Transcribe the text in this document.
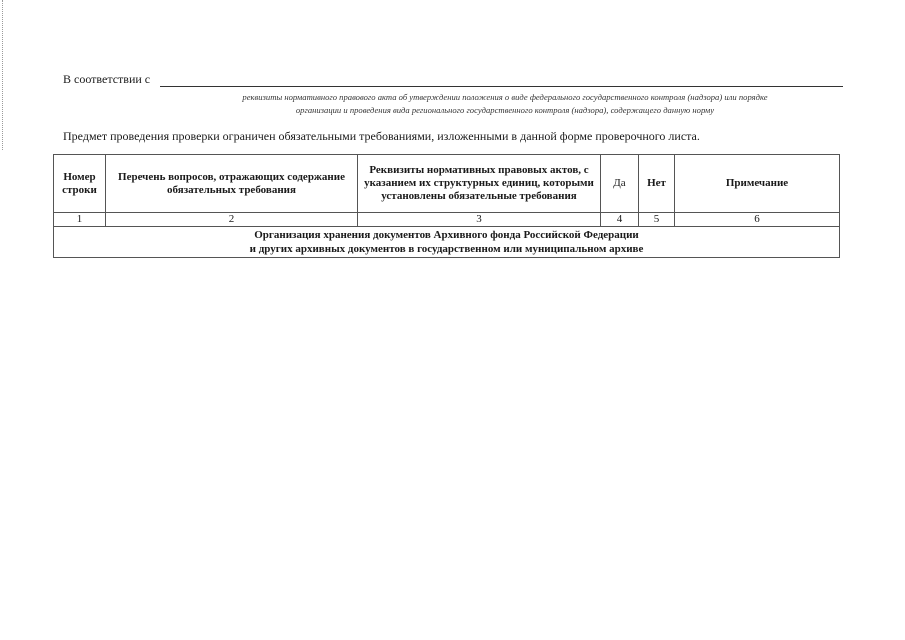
В соответствии с
реквизиты нормативного правового акта об утверждении положения о виде федерального государственного контроля (надзора) или порядке
организации и проведения вида регионального государственного контроля (надзора), содержащего данную норму
Предмет проведения проверки ограничен обязательными требованиями, изложенными в данной форме проверочного листа.
Номер строки	Перечень вопросов, отражающих содержание обязательных требования	Реквизиты нормативных правовых актов, с указанием их структурных единиц, которыми установлены обязательные требования	Да	Нет	Примечание
1	2	3	4	5	6

Организация хранения документов Архивного фонда Российской Федерации
и других архивных документов в государственном или муниципальном архиве					
